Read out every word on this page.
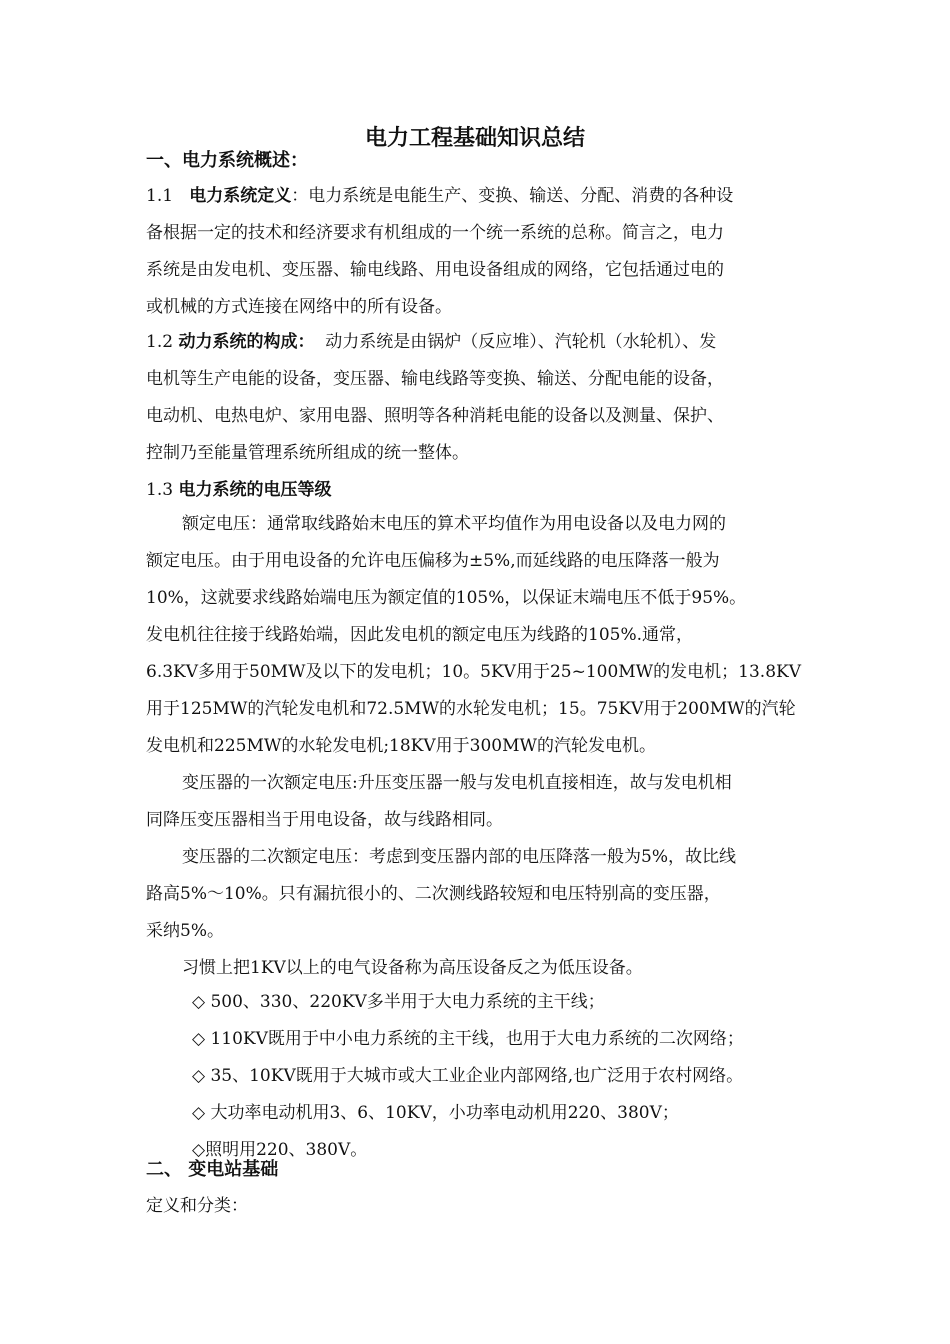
电力工程基础知识总结
一、电力系统概述：
1.1 电力系统定义：电力系统是电能生产、变换、输送、分配、消费的各种设
备根据一定的技术和经济要求有机组成的一个统一系统的总称。简言之，电力
系统是由发电机、变压器、输电线路、用电设备组成的网络，它包括通过电的
或机械的方式连接在网络中的所有设备。
1.2 动力系统的构成： 动力系统是由锅炉（反应堆）、汽轮机（水轮机）、发
电机等生产电能的设备，变压器、输电线路等变换、输送、分配电能的设备，
电动机、电热电炉、家用电器、照明等各种消耗电能的设备以及测量、保护、
控制乃至能量管理系统所组成的统一整体。
1.3 电力系统的电压等级
额定电压：通常取线路始末电压的算术平均值作为用电设备以及电力网的
额定电压。由于用电设备的允许电压偏移为±5%,而延线路的电压降落一般为
10%，这就要求线路始端电压为额定值的105%，以保证末端电压不低于95%。
发电机往往接于线路始端，因此发电机的额定电压为线路的105%.通常，
6.3KV多用于50MW及以下的发电机；10。5KV用于25~100MW的发电机；13.8KV
用于125MW的汽轮发电机和72.5MW的水轮发电机；15。75KV用于200MW的汽轮
发电机和225MW的水轮发电机;18KV用于300MW的汽轮发电机。
变压器的一次额定电压:升压变压器一般与发电机直接相连，故与发电机相
同降压变压器相当于用电设备，故与线路相同。
变压器的二次额定电压：考虑到变压器内部的电压降落一般为5%，故比线
路高5%～10%。只有漏抗很小的、二次测线路较短和电压特别高的变压器，
采纳5%。
习惯上把1KV以上的电气设备称为高压设备反之为低压设备。
◇ 500、330、220KV多半用于大电力系统的主干线；
◇ 110KV既用于中小电力系统的主干线，也用于大电力系统的二次网络；
◇ 35、10KV既用于大城市或大工业企业内部网络,也广泛用于农村网络。
◇ 大功率电动机用3、6、10KV，小功率电动机用220、380V；
◇照明用220、380V。
二、 变电站基础
定义和分类：
